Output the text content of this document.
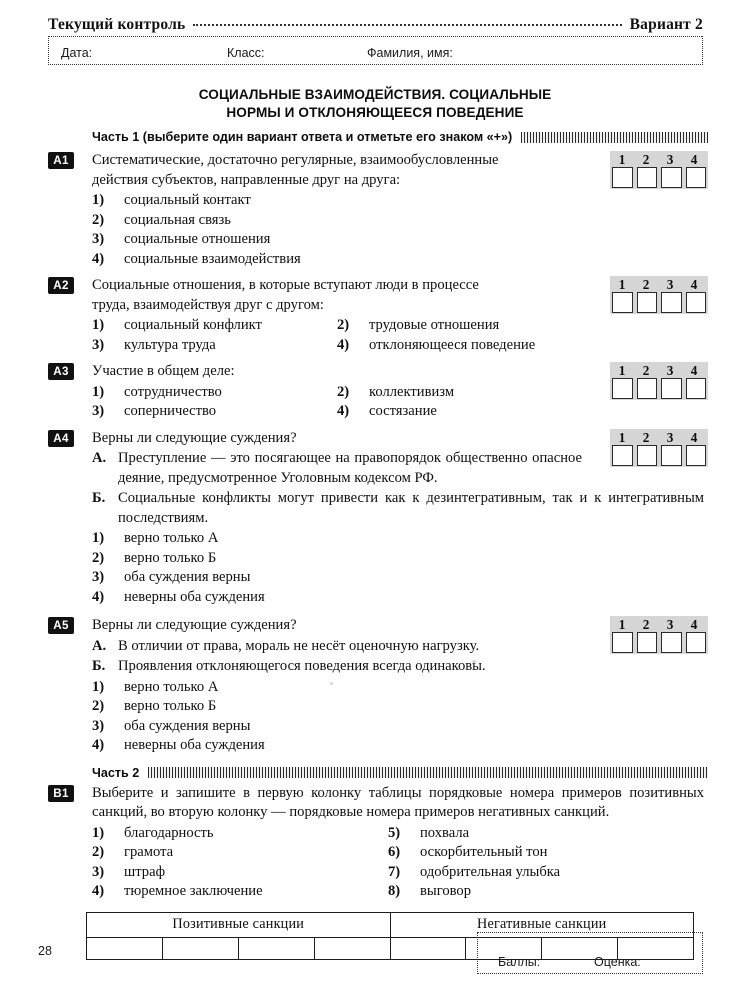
Текущий контроль	Вариант 2
Дата:	Класс:	Фамилия, имя:
СОЦИАЛЬНЫЕ ВЗАИМОДЕЙСТВИЯ. СОЦИАЛЬНЫЕ
НОРМЫ И ОТКЛОНЯЮЩЕЕСЯ ПОВЕДЕНИЕ
Часть 1 (выберите один вариант ответа и отметьте его знаком «+»)
A1	1	2	3	4
Систематические, достаточно регулярные, взаимообусловленные
действия субъектов, направленные друг на друга:
1)	социальный контакт
2)	социальная связь
3)	социальные отношения
4)	социальные взаимодействия
A2	1	2	3	4
Социальные отношения, в которые вступают люди в процессе
труда, взаимодействуя друг с другом:
1)	социальный конфликт	2)	трудовые отношения
3)	культура труда	4)	отклоняющееся поведение
A3	1	2	3	4
Участие в общем деле:
1)	сотрудничество	2)	коллективизм
3)	соперничество	4)	состязание
A4	1	2	3	4
Верны ли следующие суждения?
А. Преступление — это посягающее на правопорядок общественно опасное деяние, предусмотренное Уголовным кодексом РФ.
Б. Социальные конфликты могут привести как к дезинтегративным, так и к интегративным последствиям.
1)	верно только А
2)	верно только Б
3)	оба суждения верны
4)	неверны оба суждения
A5	1	2	3	4
Верны ли следующие суждения?
А. В отличии от права, мораль не несёт оценочную нагрузку.
Б. Проявления отклоняющегося поведения всегда одинаковы.
1)	верно только А
2)	верно только Б
3)	оба суждения верны
4)	неверны оба суждения
Часть 2
B1	Выберите и запишите в первую колонку таблицы порядковые номера примеров позитивных санкций, во вторую колонку — порядковые номера примеров негативных санкций.
1)	благодарность	5)	похвала
2)	грамота	6)	оскорбительный тон
3)	штраф	7)	одобрительная улыбка
4)	тюремное заключение	8)	выговор
Позитивные санкции				Негативные санкции			

28
Баллы:	Оценка:
